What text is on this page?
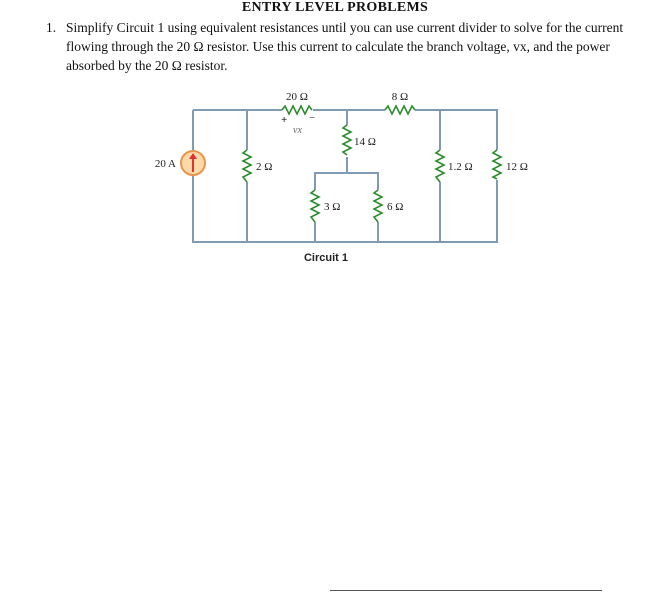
ENTRY LEVEL PROBLEMS
1. Simplify Circuit 1 using equivalent resistances until you can use current divider to solve for the current flowing through the 20 Ω resistor. Use this current to calculate the branch voltage, vx, and the power absorbed by the 20 Ω resistor.
20 A
20 Ω	8 Ω
14 Ω
2 Ω
3 Ω	6 Ω
1.2 Ω	12 Ω
+ −
vx
Circuit 1
